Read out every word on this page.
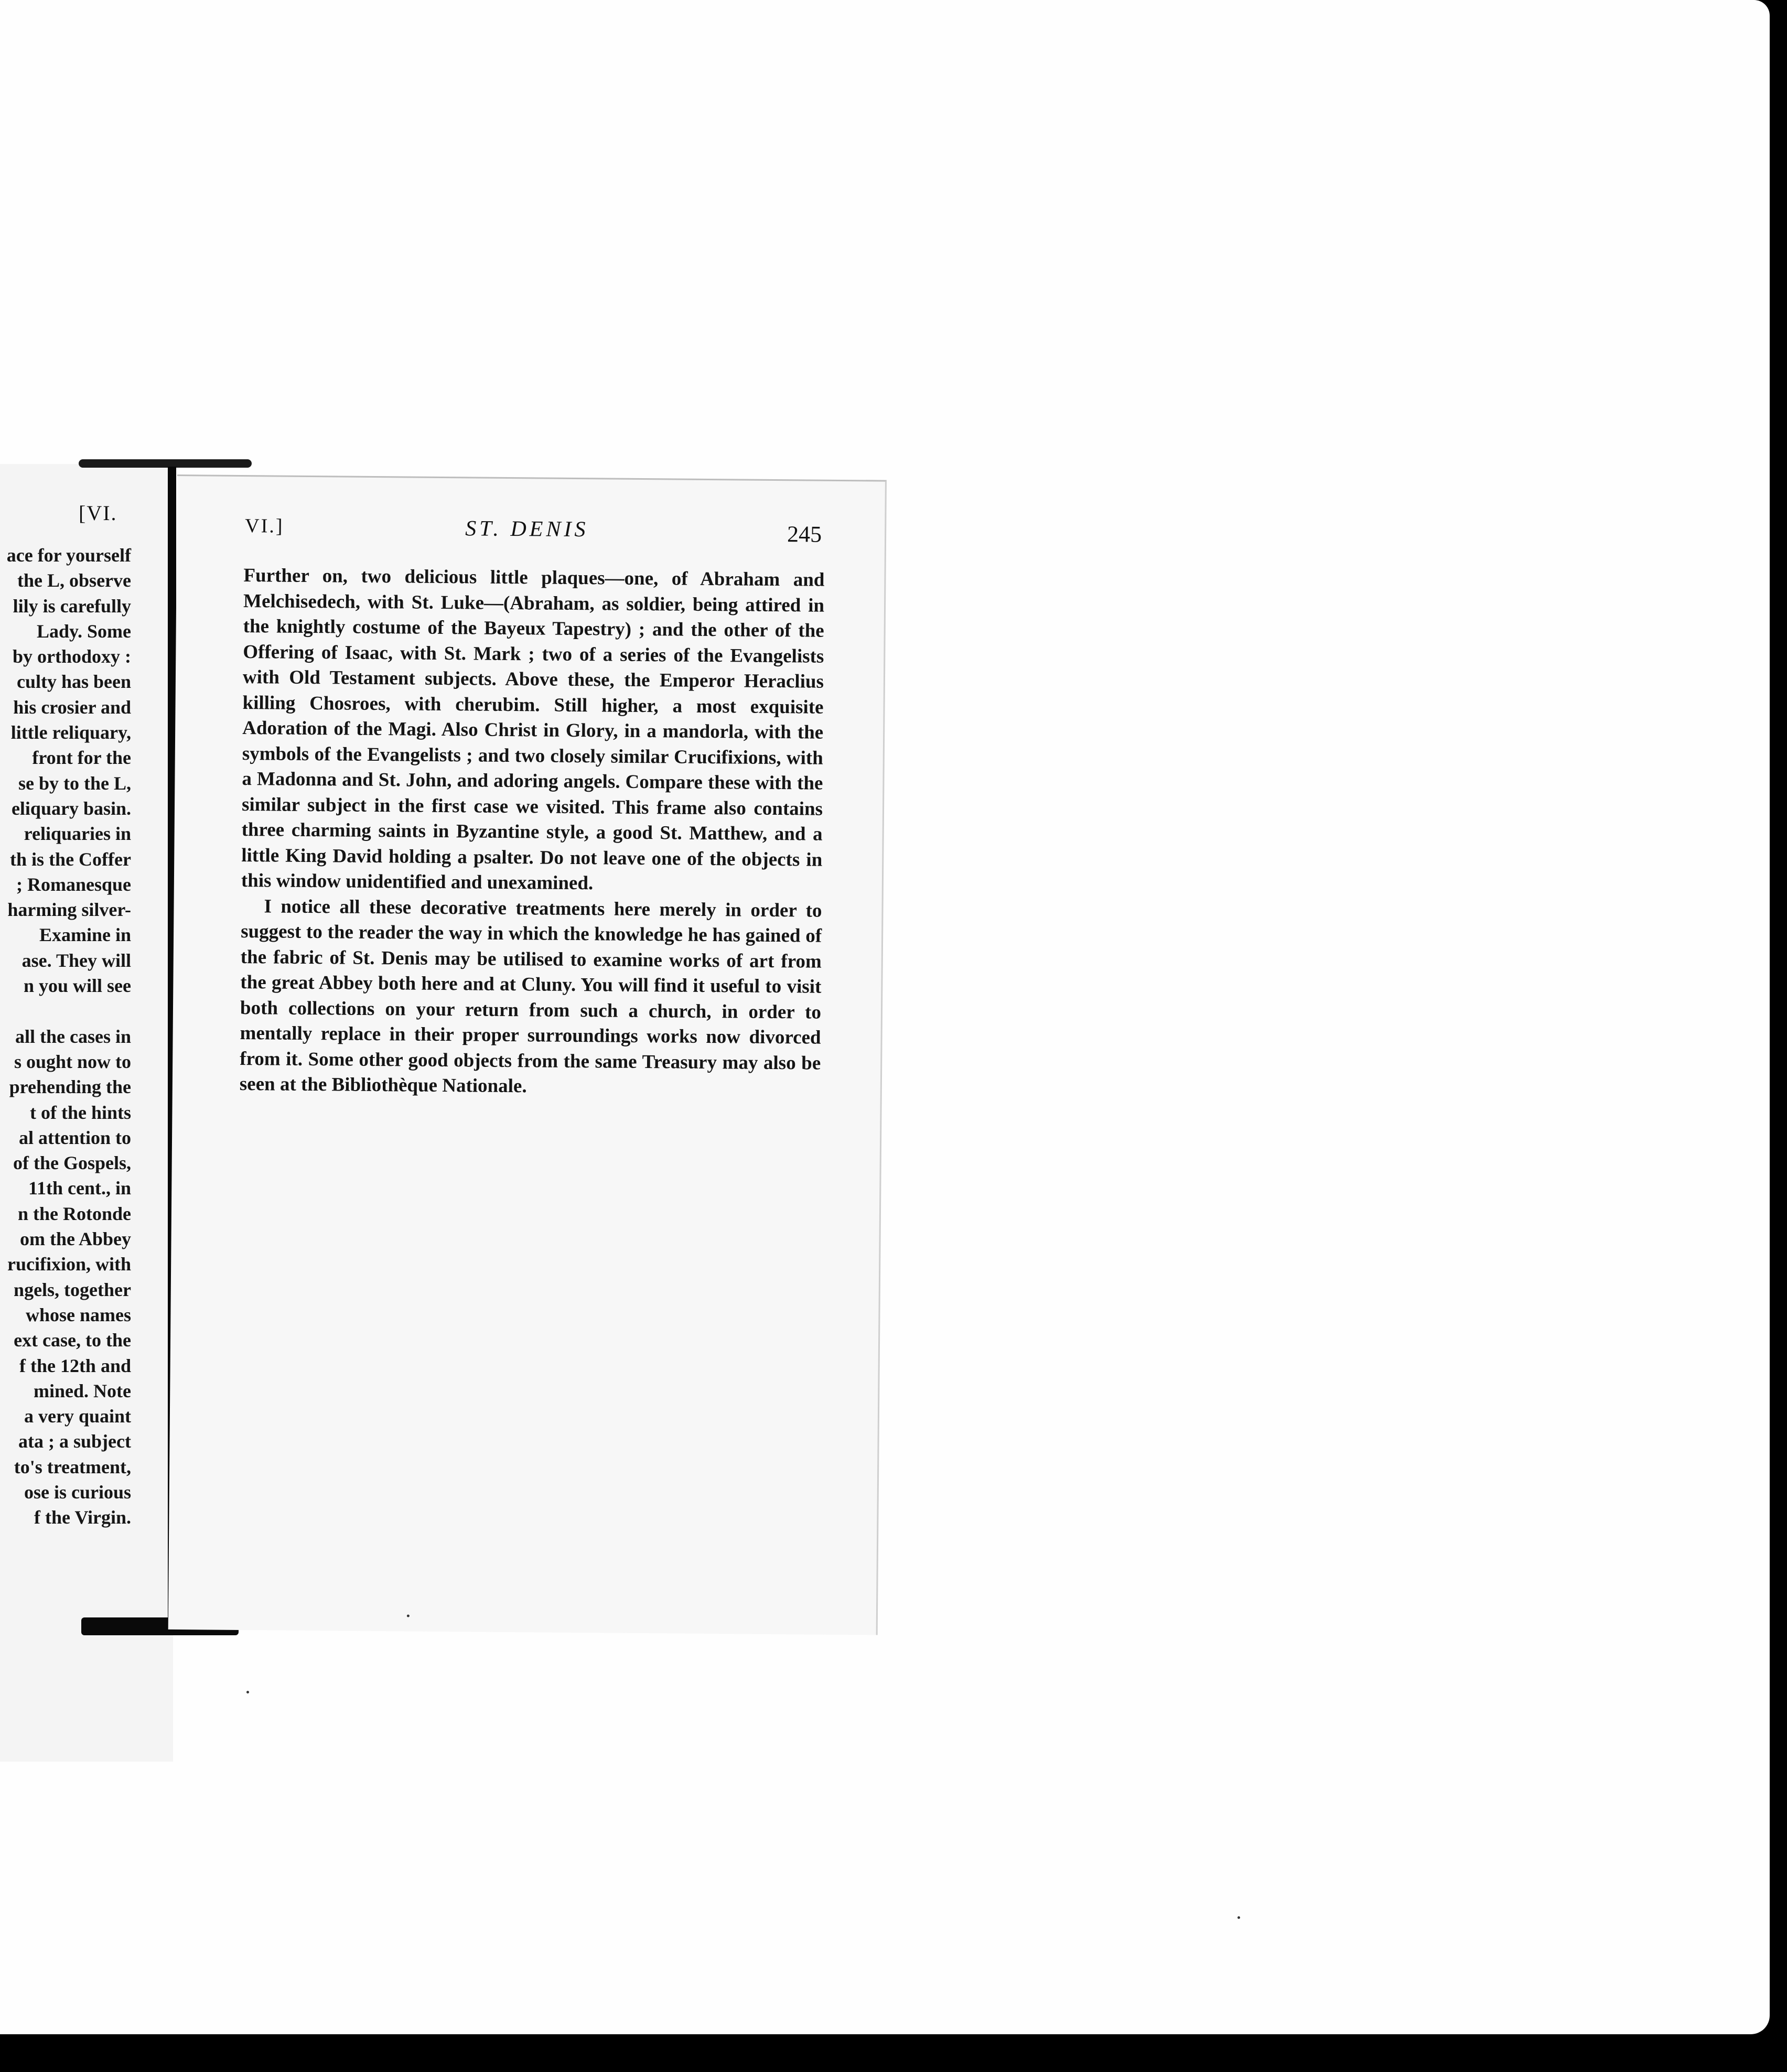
[VI.
ace for yourself
the L, observe
lily is carefully
Lady. Some
by orthodoxy :
culty has been
his crosier and
little reliquary,
front for the
se by to the L,
eliquary basin.
reliquaries in
th is the Coffer
; Romanesque
harming silver-
Examine in
ase. They will
n you will see

all the cases in
s ought now to
prehending the
t of the hints
al attention to
of the Gospels,
11th cent., in
n the Rotonde
om the Abbey
rucifixion, with
ngels, together
whose names
ext case, to the
f the 12th and
mined. Note
a very quaint
ata ; a subject
to's treatment,
ose is curious
f the Virgin.
VI.]	ST. DENIS	245

Further on, two delicious little plaques—one, of Abraham and Melchisedech, with St. Luke—(Abraham, as soldier, being attired in the knightly costume of the Bayeux Tapestry) ; and the other of the Offering of Isaac, with St. Mark ; two of a series of the Evangelists with Old Testament subjects. Above these, the Emperor Heraclius killing Chosroes, with cherubim. Still higher, a most exquisite Adoration of the Magi. Also Christ in Glory, in a mandorla, with the symbols of the Evangelists ; and two closely similar Crucifixions, with a Madonna and St. John, and adoring angels. Compare these with the similar subject in the first case we visited. This frame also contains three charming saints in Byzantine style, a good St. Matthew, and a little King David holding a psalter. Do not leave one of the objects in this window unidentified and unexamined.

I notice all these decorative treatments here merely in order to suggest to the reader the way in which the knowledge he has gained of the fabric of St. Denis may be utilised to examine works of art from the great Abbey both here and at Cluny. You will find it useful to visit both collections on your return from such a church, in order to mentally replace in their proper surroundings works now divorced from it. Some other good objects from the same Treasury may also be seen at the Bibliothèque Nationale.
